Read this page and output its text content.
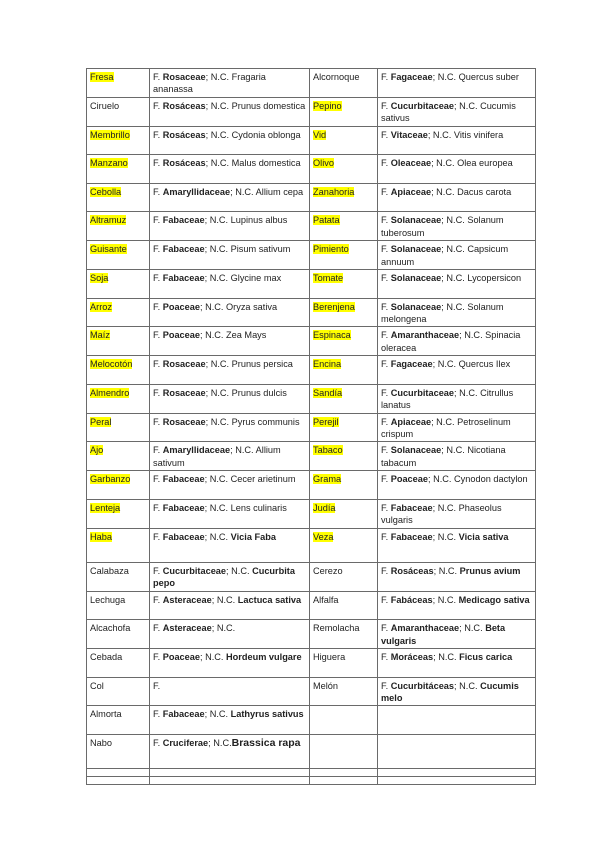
Fresa	F. Rosaceae; N.C. Fragaria ananassa	Alcornoque	F. Fagaceae; N.C. Quercus suber
Ciruelo	F. Rosáceas; N.C. Prunus domestica	Pepino	F. Cucurbitaceae; N.C. Cucumis sativus
Membrillo	F. Rosáceas; N.C. Cydonia oblonga	Vid	F. Vitaceae; N.C. Vitis vinifera
Manzano	F. Rosáceas; N.C. Malus domestica	Olivo	F. Oleaceae; N.C. Olea europea
Cebolla	F. Amaryllidaceae; N.C. Allium cepa	Zanahoria	F. Apiaceae; N.C. Dacus carota
Altramuz	F. Fabaceae; N.C. Lupinus albus	Patata	F. Solanaceae; N.C. Solanum tuberosum
Guisante	F. Fabaceae; N.C. Pisum sativum	Pimiento	F. Solanaceae; N.C. Capsicum annuum
Soja	F. Fabaceae; N.C. Glycine max	Tomate	F. Solanaceae; N.C. Lycopersicon
Arroz	F. Poaceae; N.C. Oryza sativa	Berenjena	F. Solanaceae; N.C. Solanum melongena
Maíz	F. Poaceae; N.C. Zea Mays	Espinaca	F. Amaranthaceae; N.C. Spinacia oleracea
Melocotón	F. Rosaceae; N.C. Prunus persica	Encina	F. Fagaceae; N.C. Quercus Ilex
Almendro	F. Rosaceae; N.C. Prunus dulcis	Sandía	F. Cucurbitaceae; N.C. Citrullus lanatus
Peral	F. Rosaceae; N.C. Pyrus communis	Perejil	F. Apiaceae; N.C. Petroselinum crispum
Ajo	F. Amaryllidaceae; N.C. Allium sativum	Tabaco	F. Solanaceae; N.C. Nicotiana tabacum
Garbanzo	F. Fabaceae; N.C. Cecer arietinum	Grama	F. Poaceae; N.C. Cynodon dactylon
Lenteja	F. Fabaceae; N.C. Lens culinaris	Judía	F. Fabaceae; N.C. Phaseolus vulgaris
Haba	F. Fabaceae; N.C. Vicia Faba	Veza	F. Fabaceae; N.C. Vicia sativa
Calabaza	F. Cucurbitaceae; N.C. Cucurbita pepo	Cerezo	F. Rosáceas; N.C. Prunus avium
Lechuga	F. Asteraceae; N.C. Lactuca sativa	Alfalfa	F. Fabáceas; N.C. Medicago sativa
Alcachofa	F. Asteraceae; N.C.	Remolacha	F. Amaranthaceae; N.C. Beta vulgaris
Cebada	F. Poaceae; N.C. Hordeum vulgare	Higuera	F. Moráceas; N.C. Ficus carica
Col	F.	Melón	F. Cucurbitáceas; N.C. Cucumis melo
Almorta	F. Fabaceae; N.C. Lathyrus sativus		
Nabo	F. Cruciferae; N.C.Brassica rapa		
